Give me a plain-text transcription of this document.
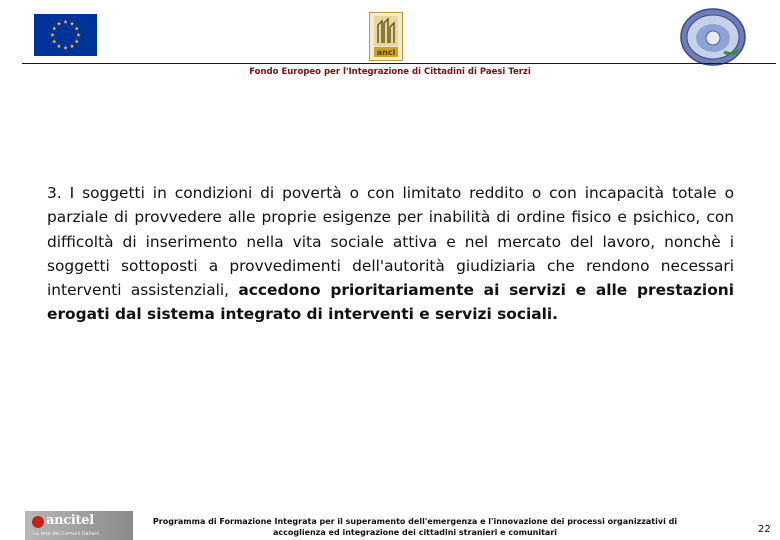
anci
Fondo Europeo per l'Integrazione di Cittadini di Paesi Terzi
3. I soggetti in condizioni di povertà o con limitato reddito o con incapacità totale o parziale di provvedere alle proprie esigenze per inabilità di ordine fisico e psichico, con difficoltà di inserimento nella vita sociale attiva e nel mercato del lavoro, nonchè i soggetti sottoposti a provvedimenti dell'autorità giudiziaria che rendono necessari interventi assistenziali, accedono prioritariamente ai servizi e alle prestazioni erogati dal sistema integrato di interventi e servizi sociali.
ancitel
La rete dei Comuni Italiani
Programma di Formazione Integrata per il superamento dell'emergenza e l'innovazione dei processi organizzativi di
accoglienza ed integrazione dei cittadini stranieri e comunitari	22
